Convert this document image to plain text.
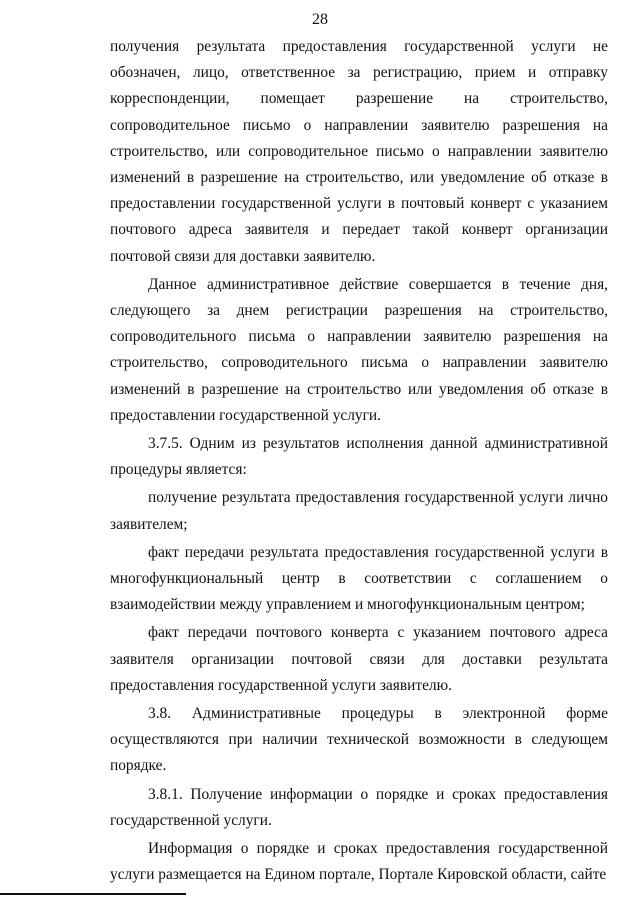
28

получения результата предоставления государственной услуги не обозначен, лицо, ответственное за регистрацию, прием и отправку корреспонденции, помещает разрешение на строительство, сопроводительное письмо о направлении заявителю разрешения на строительство, или сопроводительное письмо о направлении заявителю изменений в разрешение на строительство, или уведомление об отказе в предоставлении государственной услуги в почтовый конверт с указанием почтового адреса заявителя и передает такой конверт организации почтовой связи для доставки заявителю.

Данное административное действие совершается в течение дня, следующего за днем регистрации разрешения на строительство, сопроводительного письма о направлении заявителю разрешения на строительство, сопроводительного письма о направлении заявителю изменений в разрешение на строительство или уведомления об отказе в предоставлении государственной услуги.

3.7.5. Одним из результатов исполнения данной административной процедуры является:

получение результата предоставления государственной услуги лично заявителем;

факт передачи результата предоставления государственной услуги в многофункциональный центр в соответствии с соглашением о взаимодействии между управлением и многофункциональным центром;

факт передачи почтового конверта с указанием почтового адреса заявителя организации почтовой связи для доставки результата предоставления государственной услуги заявителю.

3.8. Административные процедуры в электронной форме осуществляются при наличии технической возможности в следующем порядке.

3.8.1. Получение информации о порядке и сроках предоставления государственной услуги.

Информация о порядке и сроках предоставления государственной услуги размещается на Едином портале, Портале Кировской области, сайте
